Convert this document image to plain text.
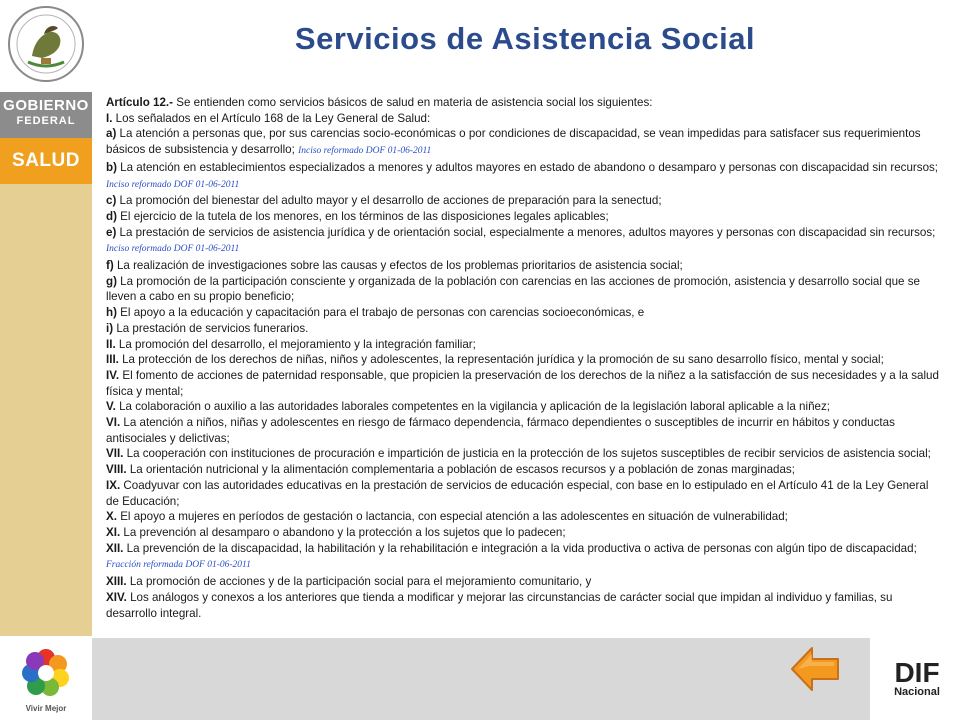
GOBIERNO
FEDERAL
SALUD
Vivir Mejor
DIF
Nacional
Servicios de Asistencia Social

Artículo 12.- Se entienden como servicios básicos de salud en materia de asistencia social los siguientes:

I. Los señalados en el Artículo 168 de la Ley General de Salud:

a) La atención a personas que, por sus carencias socio-económicas o por condiciones de discapacidad, se vean impedidas para satisfacer sus requerimientos básicos de subsistencia y desarrollo; Inciso reformado DOF 01-06-2011

b) La atención en establecimientos especializados a menores y adultos mayores en estado de abandono o desamparo y personas con discapacidad sin recursos; Inciso reformado DOF 01-06-2011

c) La promoción del bienestar del adulto mayor y el desarrollo de acciones de preparación para la senectud;

d) El ejercicio de la tutela de los menores, en los términos de las disposiciones legales aplicables;

e) La prestación de servicios de asistencia jurídica y de orientación social, especialmente a menores, adultos mayores y personas con discapacidad sin recursos; Inciso reformado DOF 01-06-2011

f) La realización de investigaciones sobre las causas y efectos de los problemas prioritarios de asistencia social;

g) La promoción de la participación consciente y organizada de la población con carencias en las acciones de promoción, asistencia y desarrollo social que se lleven a cabo en su propio beneficio;

h) El apoyo a la educación y capacitación para el trabajo de personas con carencias socioeconómicas, e

i) La prestación de servicios funerarios.

II. La promoción del desarrollo, el mejoramiento y la integración familiar;

III. La protección de los derechos de niñas, niños y adolescentes, la representación jurídica y la promoción de su sano desarrollo físico, mental y social;

IV. El fomento de acciones de paternidad responsable, que propicien la preservación de los derechos de la niñez a la satisfacción de sus necesidades y a la salud física y mental;

V. La colaboración o auxilio a las autoridades laborales competentes en la vigilancia y aplicación de la legislación laboral aplicable a la niñez;

VI. La atención a niños, niñas y adolescentes en riesgo de fármaco dependencia, fármaco dependientes o susceptibles de incurrir en hábitos y conductas antisociales y delictivas;

VII. La cooperación con instituciones de procuración e impartición de justicia en la protección de los sujetos susceptibles de recibir servicios de asistencia social;

VIII. La orientación nutricional y la alimentación complementaria a población de escasos recursos y a población de zonas marginadas;

IX. Coadyuvar con las autoridades educativas en la prestación de servicios de educación especial, con base en lo estipulado en el Artículo 41 de la Ley General de Educación;

X. El apoyo a mujeres en períodos de gestación o lactancia, con especial atención a las adolescentes en situación de vulnerabilidad;

XI. La prevención al desamparo o abandono y la protección a los sujetos que lo padecen;

XII. La prevención de la discapacidad, la habilitación y la rehabilitación e integración a la vida productiva o activa de personas con algún tipo de discapacidad;

Fracción reformada DOF 01-06-2011

XIII. La promoción de acciones y de la participación social para el mejoramiento comunitario, y

XIV. Los análogos y conexos a los anteriores que tienda a modificar y mejorar las circunstancias de carácter social que impidan al individuo y familias, su desarrollo integral.
